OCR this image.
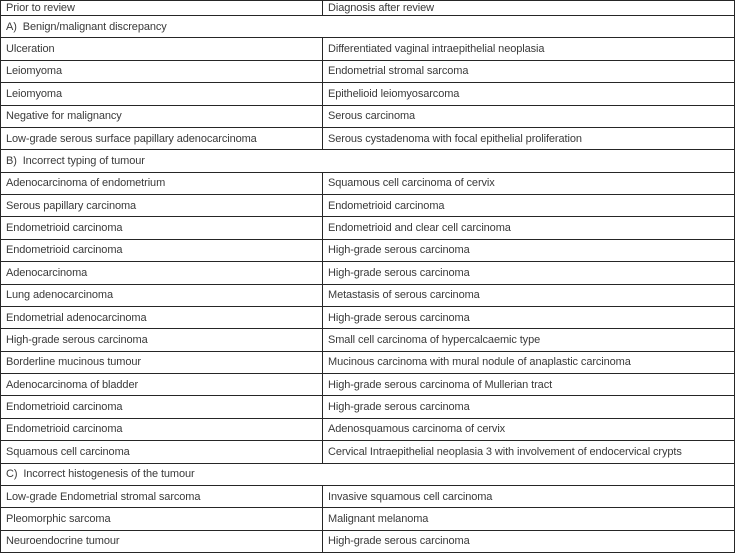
Prior to review	Diagnosis after review
A)  Benign/malignant discrepancy	
Ulceration	Differentiated vaginal intraepithelial neoplasia
Leiomyoma	Endometrial stromal sarcoma
Leiomyoma	Epithelioid leiomyosarcoma
Negative for malignancy	Serous carcinoma
Low-grade serous surface papillary adenocarcinoma	Serous cystadenoma with focal epithelial proliferation
B)  Incorrect typing of tumour	
Adenocarcinoma of endometrium	Squamous cell carcinoma of cervix
Serous papillary carcinoma	Endometrioid carcinoma
Endometrioid carcinoma	Endometrioid and clear cell carcinoma
Endometrioid carcinoma	High-grade serous carcinoma
Adenocarcinoma	High-grade serous carcinoma
Lung adenocarcinoma	Metastasis of serous carcinoma
Endometrial adenocarcinoma	High-grade serous carcinoma
High-grade serous carcinoma	Small cell carcinoma of hypercalcaemic type
Borderline mucinous tumour	Mucinous carcinoma with mural nodule of anaplastic carcinoma
Adenocarcinoma of bladder	High-grade serous carcinoma of Mullerian tract
Endometrioid carcinoma	High-grade serous carcinoma
Endometrioid carcinoma	Adenosquamous carcinoma of cervix
Squamous cell carcinoma	Cervical Intraepithelial neoplasia 3 with involvement of endocervical crypts
C)  Incorrect histogenesis of the tumour	
Low-grade Endometrial stromal sarcoma	Invasive squamous cell carcinoma
Pleomorphic sarcoma	Malignant melanoma
Neuroendocrine tumour	High-grade serous carcinoma
